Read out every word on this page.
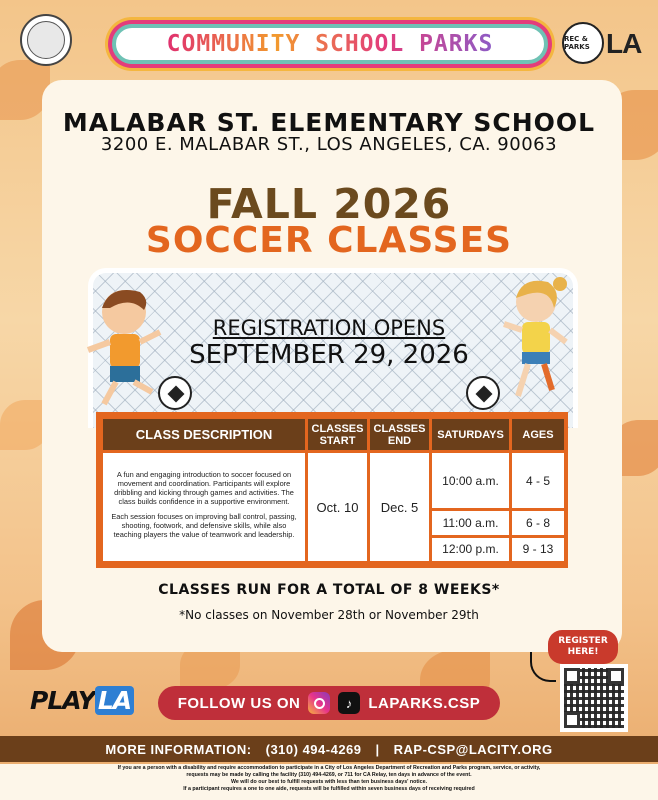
COMMUNITY SCHOOL PARKS	REC & PARKS LA
MALABAR ST. ELEMENTARY SCHOOL
3200 E. MALABAR ST., LOS ANGELES, CA. 90063
FALL 2026
SOCCER CLASSES
REGISTRATION OPENS
SEPTEMBER 29, 2026
CLASS DESCRIPTION	CLASSES START	CLASSES END	SATURDAYS	AGES

A fun and engaging introduction to soccer focused on movement and coordination. Participants will explore dribbling and kicking through games and activities. The class builds confidence in a supportive environment.

Each session focuses on improving ball control, passing, shooting, footwork, and defensive skills, while also teaching players the value of teamwork and leadership.	Oct. 10	Dec. 5	10:00 a.m.	4 - 5
			11:00 a.m.	6 - 8
			12:00 p.m.	9 - 13
CLASSES RUN FOR A TOTAL OF 8 WEEKS*
*No classes on November 28th or November 29th
REGISTER HERE!
PLAY LA	FOLLOW US ON	♪	LAPARKS.CSP
MORE INFORMATION: (310) 494-4269 | RAP-CSP@LACITY.ORG
If you are a person with a disability and require accommodation to participate in a City of Los Angeles Department of Recreation and Parks program, service, or activity,
requests may be made by calling the facility (310) 494-4269, or 711 for CA Relay, ten days in advance of the event.
We will do our best to fulfill requests with less than ten business days' notice.
If a participant requires a one to one aide, requests will be fulfilled within seven business days of receiving required
